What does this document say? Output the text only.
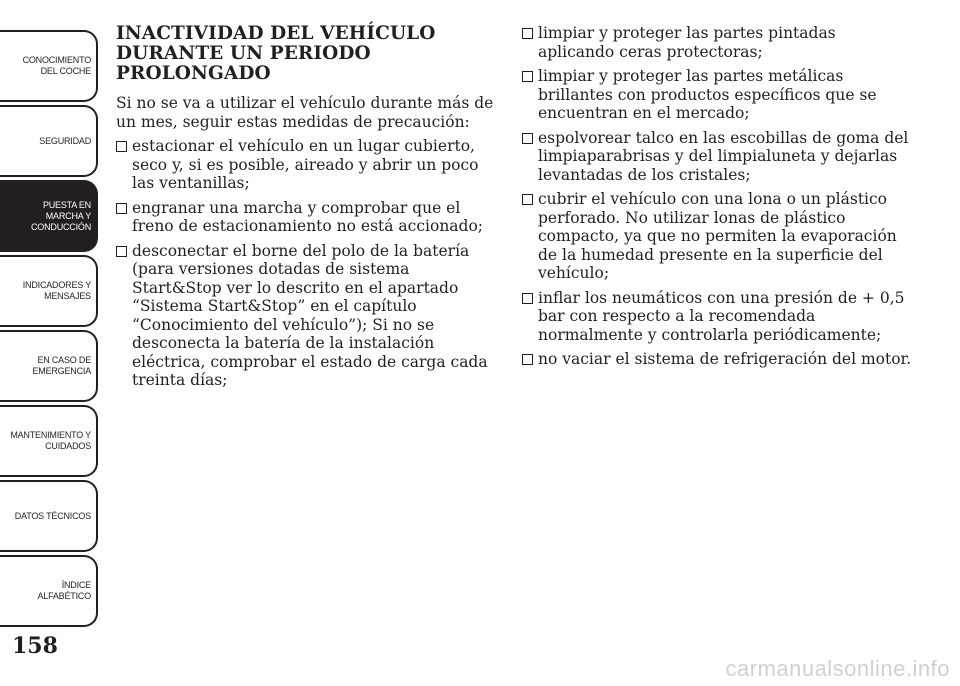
CONOCIMIENTO
DEL COCHE
SEGURIDAD
PUESTA EN
MARCHA Y
CONDUCCIÓN
INDICADORES Y
MENSAJES
EN CASO DE
EMERGENCIA
MANTENIMIENTO Y
CUIDADOS
DATOS TÉCNICOS
ÍNDICE
ALFABÉTICO
158
INACTIVIDAD DEL VEHÍCULO DURANTE UN PERIODO PROLONGADO

Si no se va a utilizar el vehículo durante más de un mes, seguir estas medidas de precaución:

estacionar el vehículo en un lugar cubierto, seco y, si es posible, aireado y abrir un poco las ventanillas;
engranar una marcha y comprobar que el freno de estacionamiento no está accionado;
desconectar el borne del polo de la batería (para versiones dotadas de sistema Start&Stop ver lo descrito en el apartado “Sistema Start&Stop” en el capítulo “Conocimiento del vehículo”); Si no se desconecta la batería de la instalación eléctrica, comprobar el estado de carga cada treinta días;
limpiar y proteger las partes pintadas aplicando ceras protectoras;
limpiar y proteger las partes metálicas brillantes con productos específicos que se encuentran en el mercado;
espolvorear talco en las escobillas de goma del limpiaparabrisas y del limpialuneta y dejarlas levantadas de los cristales;
cubrir el vehículo con una lona o un plástico perforado. No utilizar lonas de plástico compacto, ya que no permiten la evaporación de la humedad presente en la superficie del vehículo;
inflar los neumáticos con una presión de + 0,5 bar con respecto a la recomendada normalmente y controlarla periódicamente;
no vaciar el sistema de refrigeración del motor.
carmanualsonline.info
